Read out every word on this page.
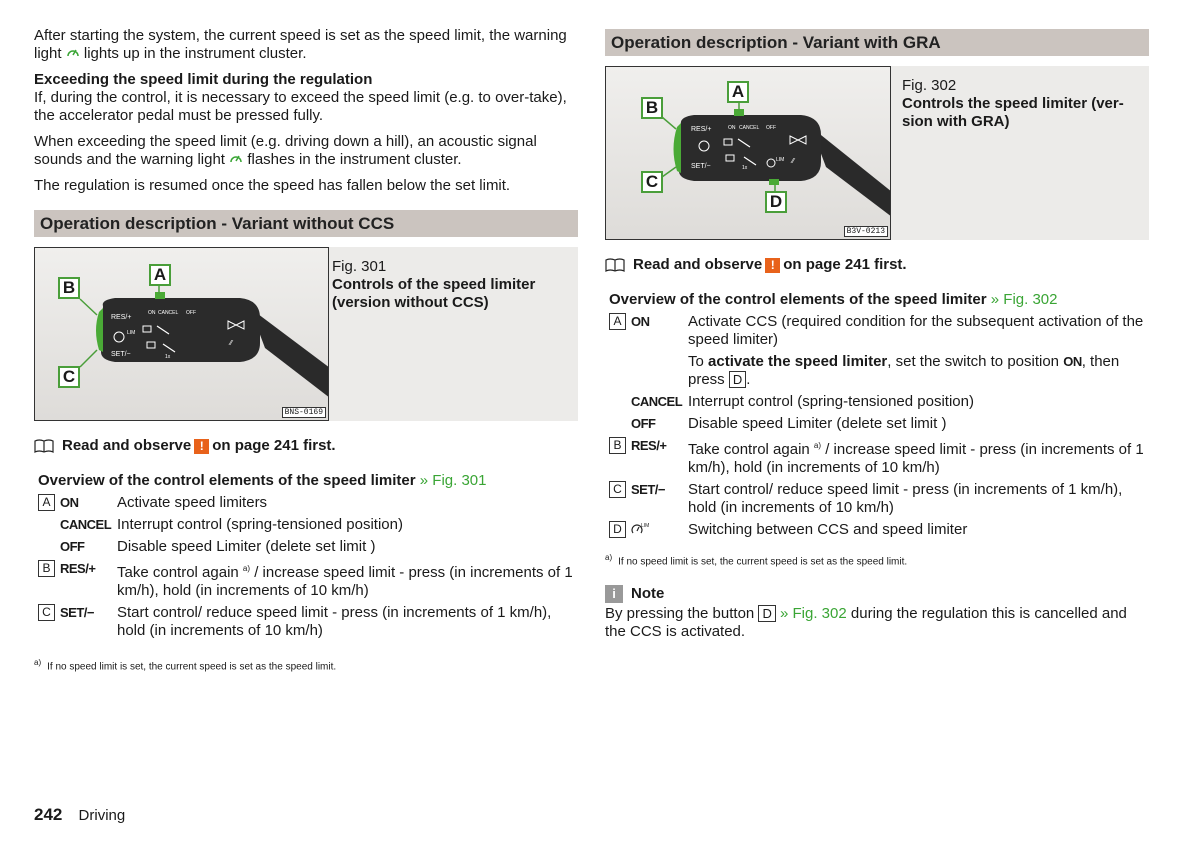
After starting the system, the current speed is set as the speed limit, the warning light lights up in the instrument cluster.

Exceeding the speed limit during the regulation
If, during the control, it is necessary to exceed the speed limit (e.g. to over-take), the accelerator pedal must be pressed fully.

When exceeding the speed limit (e.g. driving down a hill), an acoustic signal sounds and the warning light flashes in the instrument cluster.

The regulation is resumed once the speed has fallen below the set limit.

Operation description - Variant without CCS
RES/+
ON CANCEL OFF
SET/−
LIM
1x
⁄⁄
A
B
C
BNS-0169
Fig. 301
Controls of the speed limiter (version without CCS)
Read and observe ! on page 241 first.
Overview of the control elements of the speed limiter » Fig. 301
A ON	Activate speed limiters
CANCEL Interrupt control (spring-tensioned position)
OFF Disable speed Limiter (delete set limit )
B RES/+ Take control again $^{a)}$ / increase speed limit - press (in increments of 1 km/h), hold (in increments of 10 km/h)
C SET/− Start control/ reduce speed limit - press (in increments of 1 km/h), hold (in increments of 10 km/h)
$^{a)}$ If no speed limit is set, the current speed is set as the speed limit.
Operation description - Variant with GRA
RES/+	ON CANCEL OFF
SET/−	1x
LIM ⁄⁄
A
B
C
D
B3V-0213
Fig. 302
Controls the speed limiter (ver-sion with GRA)
Read and observe ! on page 241 first.
Overview of the control elements of the speed limiter » Fig. 302
A ON	Activate CCS (required condition for the subsequent activation of the speed limiter)
To activate the speed limiter, set the switch to position ON, then press D .
CANCEL Interrupt control (spring-tensioned position)
OFF Disable speed Limiter (delete set limit )
B RES/+ Take control again $^{a)}$ / increase speed limit - press (in increments of 1 km/h), hold (in increments of 10 km/h)
C SET/− Start control/ reduce speed limit - press (in increments of 1 km/h), hold (in increments of 10 km/h)
D	LIM	Switching between CCS and speed limiter
$^{a)}$ If no speed limit is set, the current speed is set as the speed limit.
i	Note
By pressing the button D » Fig. 302 during the regulation this is cancelled and the CCS is activated.
242 Driving
